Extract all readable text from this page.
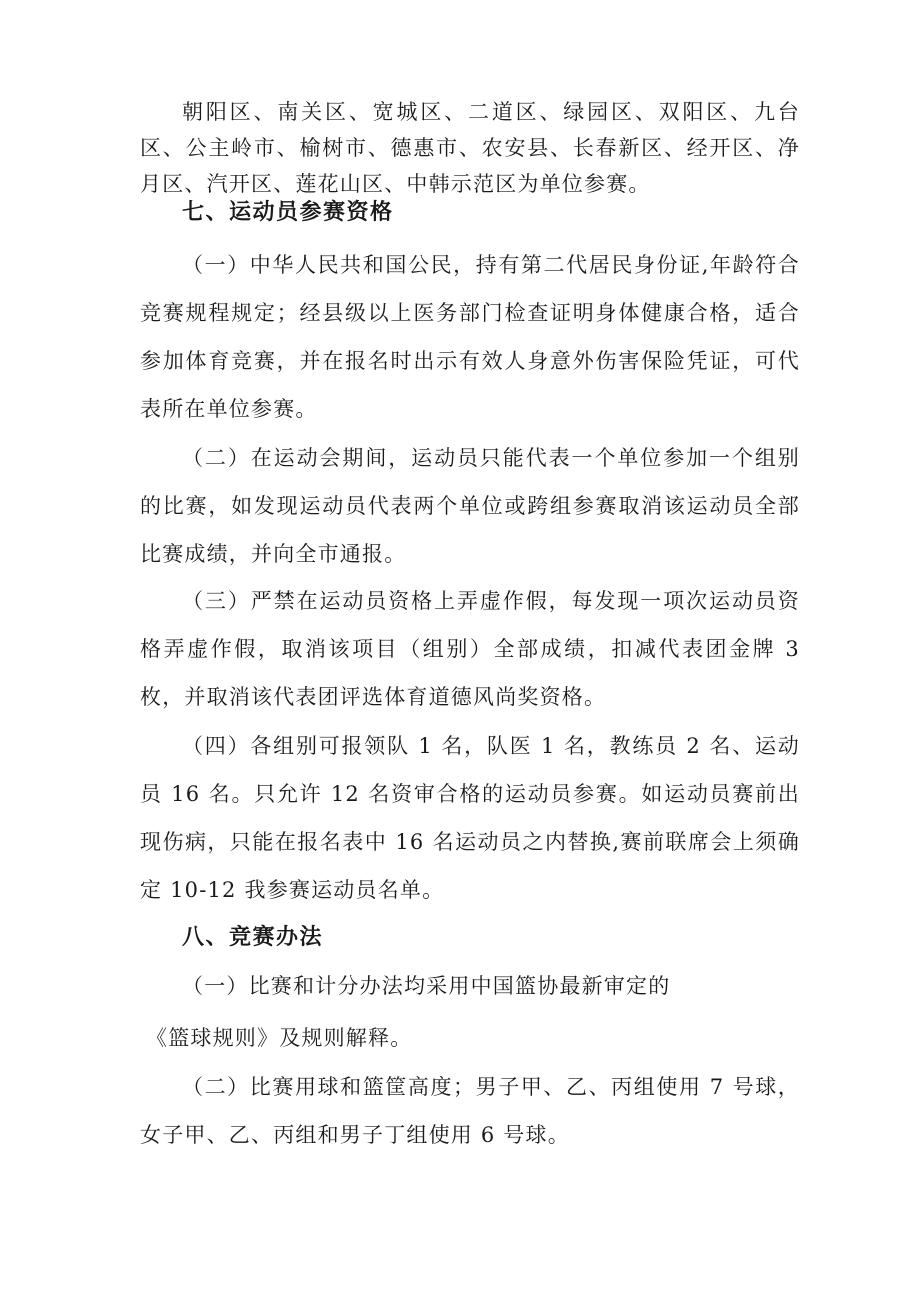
朝阳区、南关区、宽城区、二道区、绿园区、双阳区、九台区、公主岭市、榆树市、德惠市、农安县、长春新区、经开区、净月区、汽开区、莲花山区、中韩示范区为单位参赛。

七、运动员参赛资格

（一）中华人民共和国公民，持有第二代居民身份证,年龄符合竞赛规程规定；经县级以上医务部门检查证明身体健康合格，适合参加体育竞赛，并在报名时出示有效人身意外伤害保险凭证，可代表所在单位参赛。

（二）在运动会期间，运动员只能代表一个单位参加一个组别的比赛，如发现运动员代表两个单位或跨组参赛取消该运动员全部比赛成绩，并向全市通报。

（三）严禁在运动员资格上弄虚作假，每发现一项次运动员资格弄虚作假，取消该项目（组别）全部成绩，扣减代表团金牌 3 枚，并取消该代表团评选体育道德风尚奖资格。

（四）各组别可报领队 1 名，队医 1 名，教练员 2 名、运动员 16 名。只允许 12 名资审合格的运动员参赛。如运动员赛前出现伤病，只能在报名表中 16 名运动员之内替换,赛前联席会上须确定 10-12 我参赛运动员名单。

八、竞赛办法

（一）比赛和计分办法均采用中国篮协最新审定的

《篮球规则》及规则解释。

（二）比赛用球和篮筐高度；男子甲、乙、丙组使用 7 号球，女子甲、乙、丙组和男子丁组使用 6 号球。
